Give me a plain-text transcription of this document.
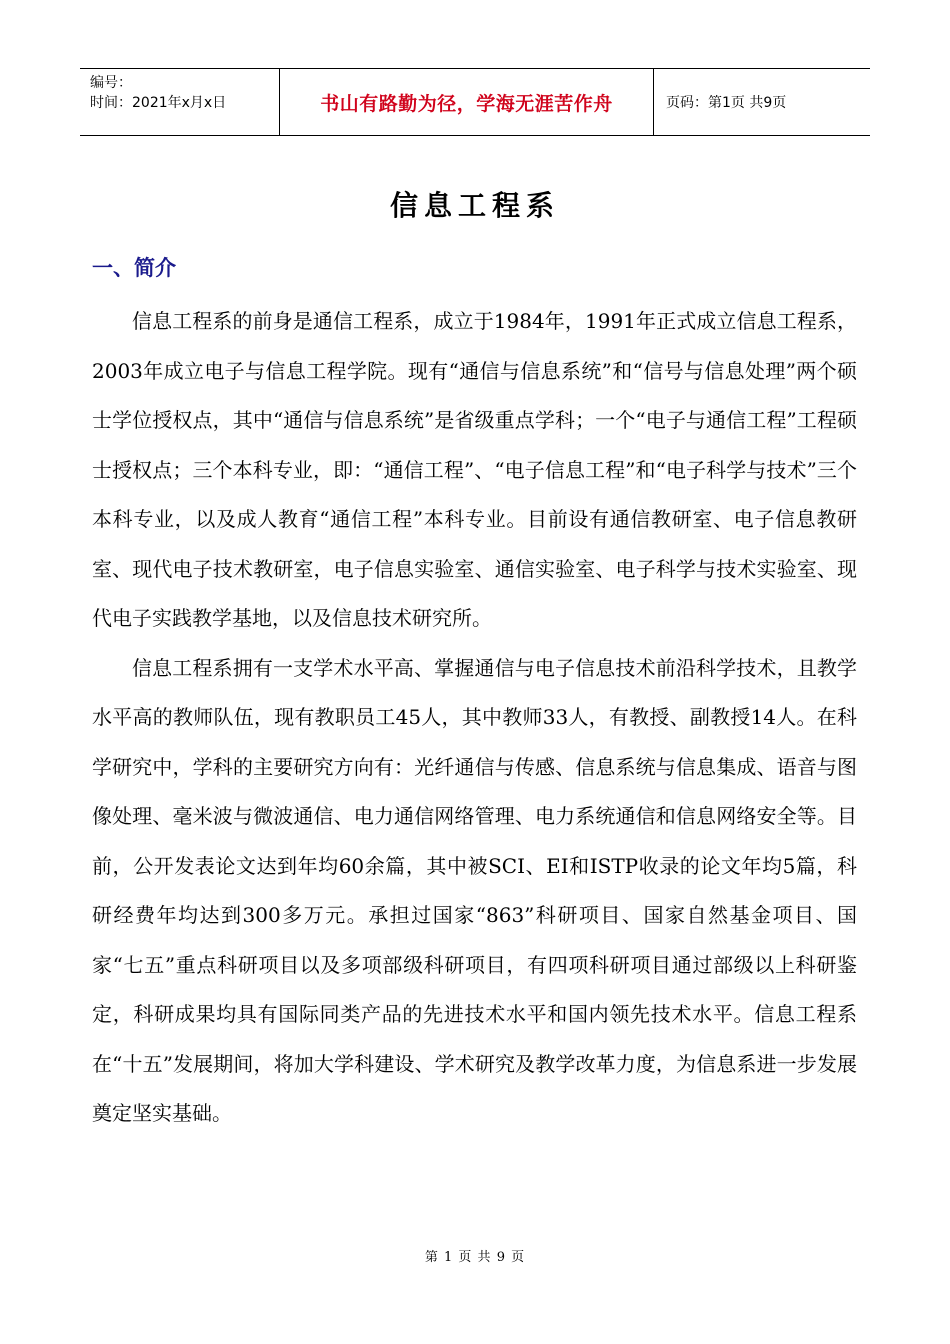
编号：
时间：2021年x月x日	书山有路勤为径，学海无涯苦作舟	页码：第1页 共9页
信息工程系
一、简介

信息工程系的前身是通信工程系，成立于1984年，1991年正式成立信息工程系，2003年成立电子与信息工程学院。现有“通信与信息系统”和“信号与信息处理”两个硕士学位授权点，其中“通信与信息系统”是省级重点学科；一个“电子与通信工程”工程硕士授权点；三个本科专业，即：“通信工程”、“电子信息工程”和“电子科学与技术”三个本科专业，以及成人教育“通信工程”本科专业。目前设有通信教研室、电子信息教研室、现代电子技术教研室，电子信息实验室、通信实验室、电子科学与技术实验室、现代电子实践教学基地，以及信息技术研究所。

信息工程系拥有一支学术水平高、掌握通信与电子信息技术前沿科学技术，且教学水平高的教师队伍，现有教职员工45人，其中教师33人，有教授、副教授14人。在科学研究中，学科的主要研究方向有：光纤通信与传感、信息系统与信息集成、语音与图像处理、毫米波与微波通信、电力通信网络管理、电力系统通信和信息网络安全等。目前，公开发表论文达到年均60余篇，其中被SCI、EI和ISTP收录的论文年均5篇，科研经费年均达到300多万元。承担过国家“863”科研项目、国家自然基金项目、国家“七五”重点科研项目以及多项部级科研项目，有四项科研项目通过部级以上科研鉴定，科研成果均具有国际同类产品的先进技术水平和国内领先技术水平。信息工程系在“十五”发展期间，将加大学科建设、学术研究及教学改革力度，为信息系进一步发展奠定坚实基础。

第 1 页 共 9 页
